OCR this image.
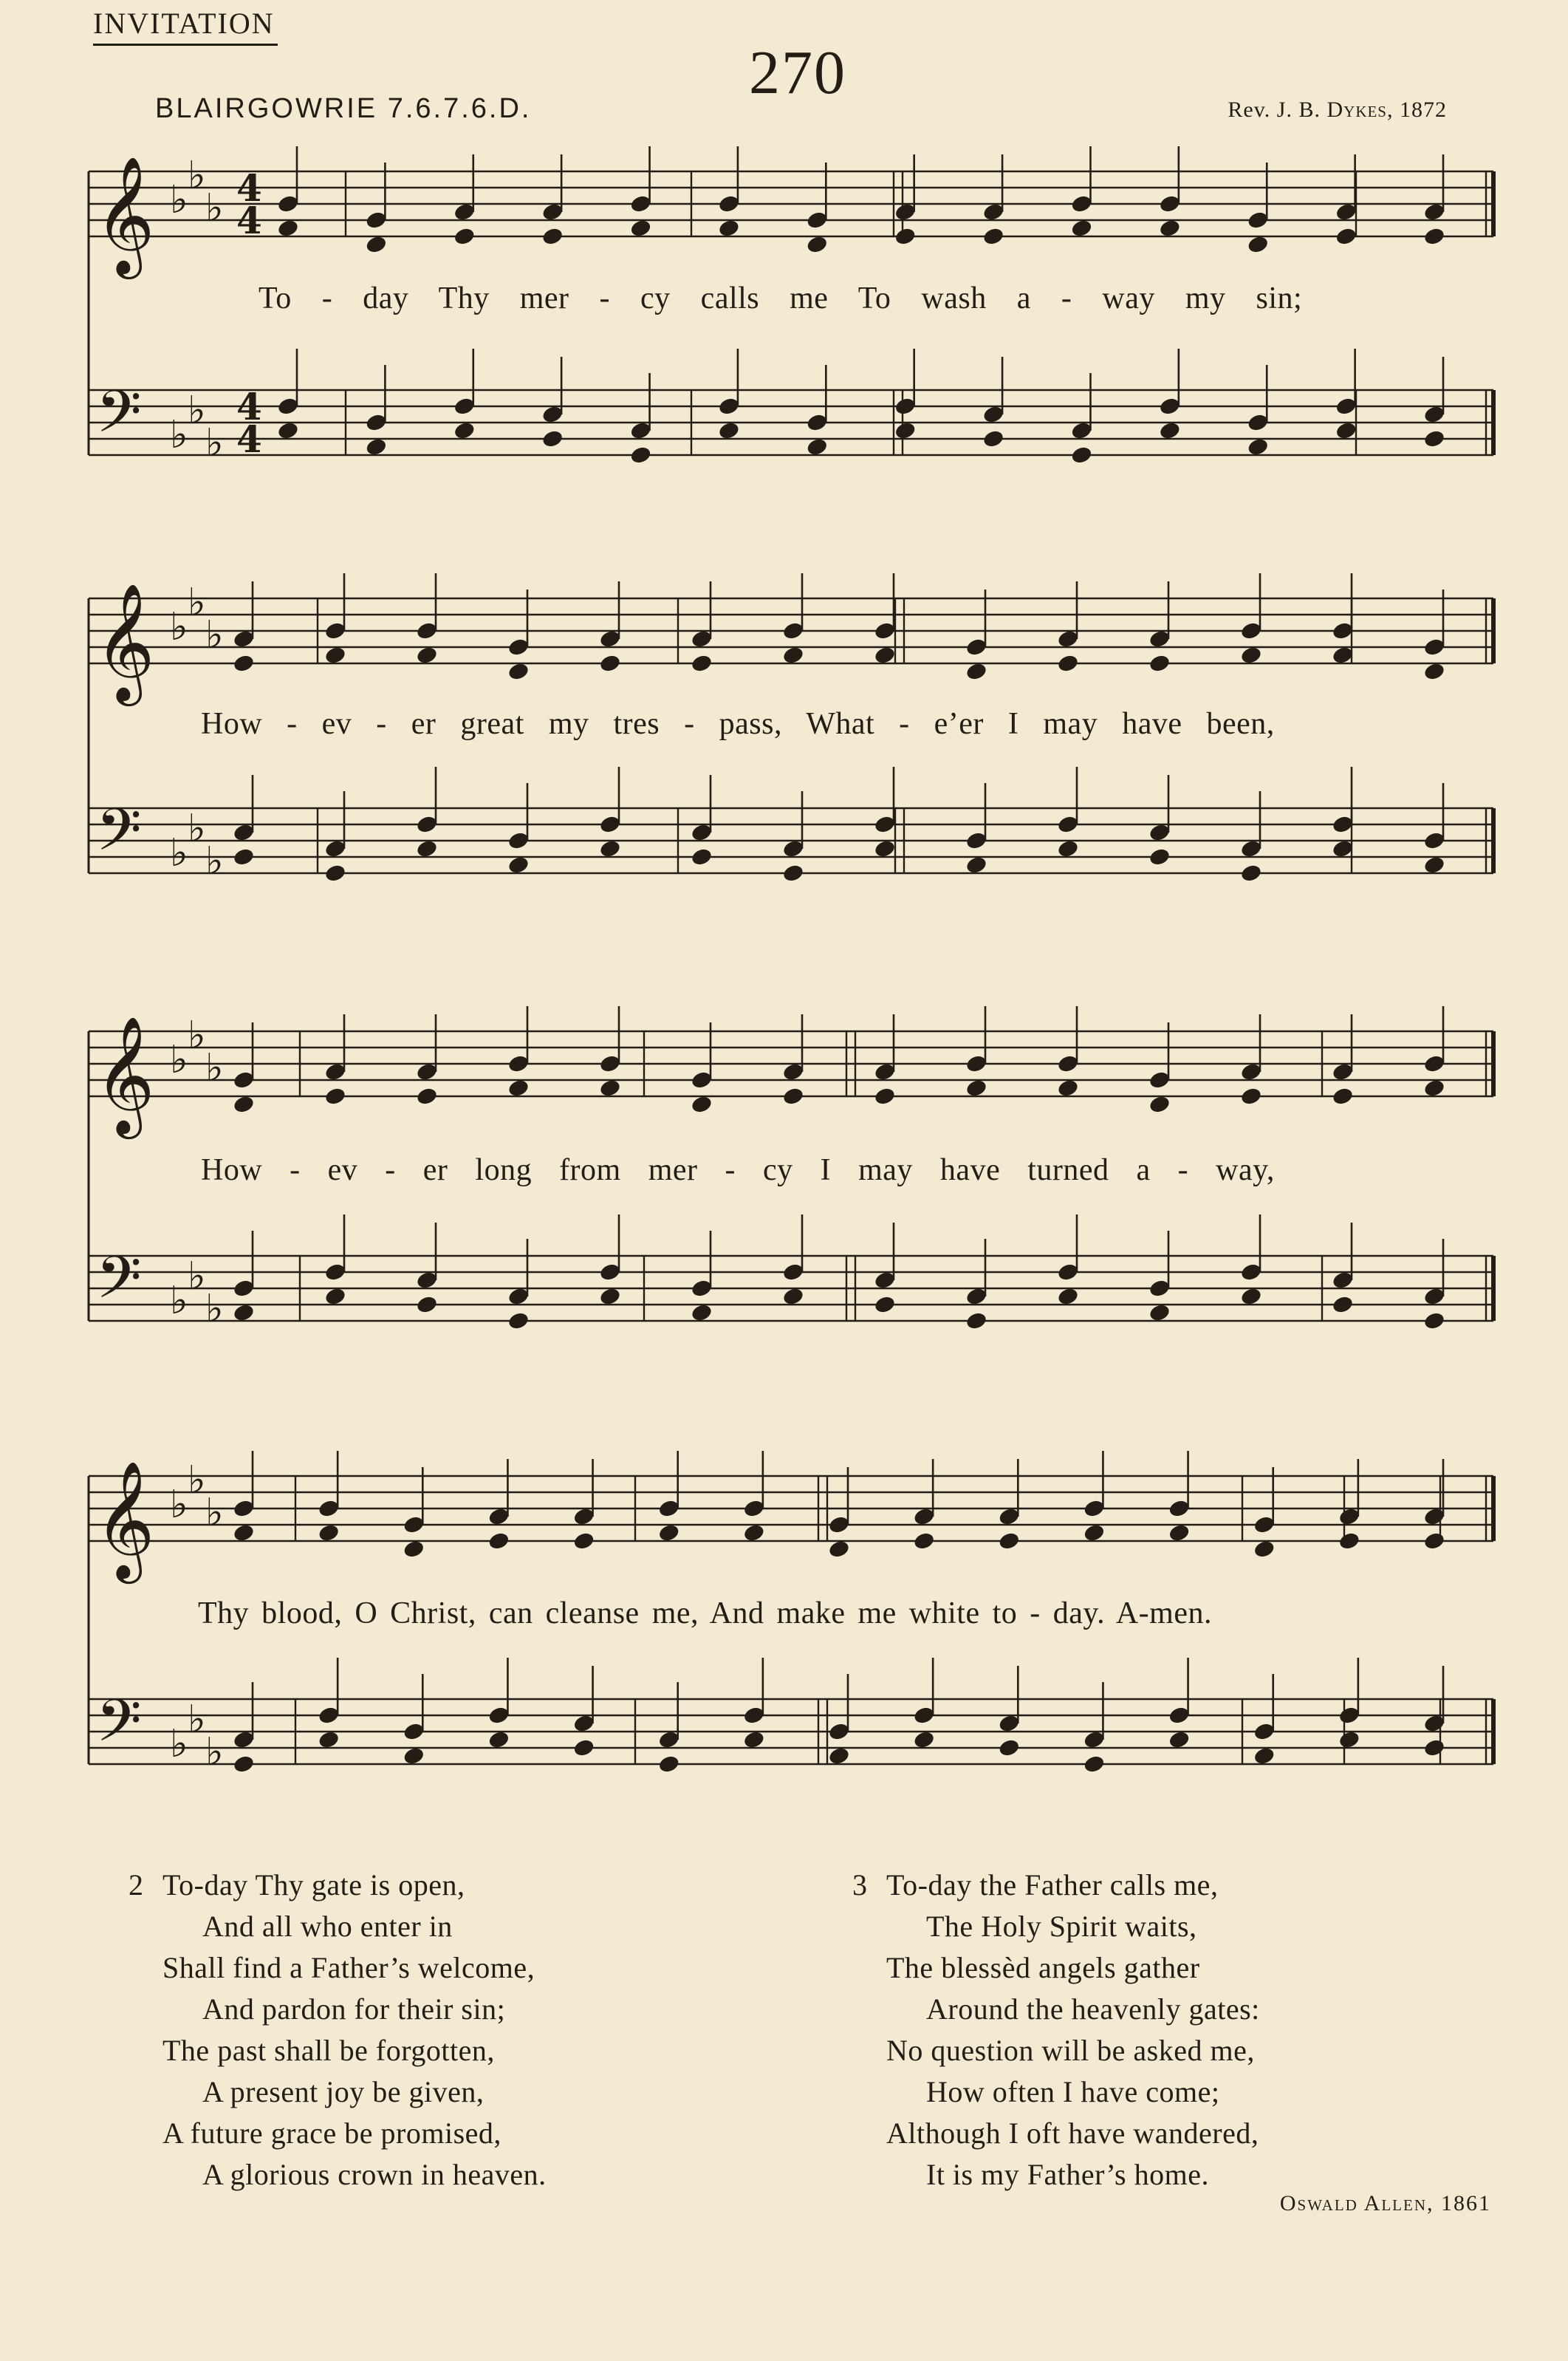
INVITATION
270
BLAIRGOWRIE 7.6.7.6.D.	Rev. J. B. Dykes, 1872
𝄞
𝄢
♭
♭
♭
♭
♭
♭
4
4
4
4
𝄞
𝄢
♭
♭
♭
♭
♭
♭
𝄞
𝄢
♭
♭
♭
♭
♭
♭
𝄞
𝄢
♭
♭
♭
♭
♭
♭
To - day Thy mer - cy calls me To wash a - way my sin;
How - ev - er great my tres - pass, What - e’er I may have been,
How - ev - er long from mer - cy I may have turned a - way,
Thy blood, O Christ, can cleanse me, And make me white to - day. A-men.
2 To-day Thy gate is open,
And all who enter in
Shall find a Father’s welcome,
And pardon for their sin;
The past shall be forgotten,
A present joy be given,
A future grace be promised,
A glorious crown in heaven.
3 To-day the Father calls me,
The Holy Spirit waits,
The blessèd angels gather
Around the heavenly gates:
No question will be asked me,
How often I have come;
Although I oft have wandered,
It is my Father’s home.
Oswald Allen, 1861
